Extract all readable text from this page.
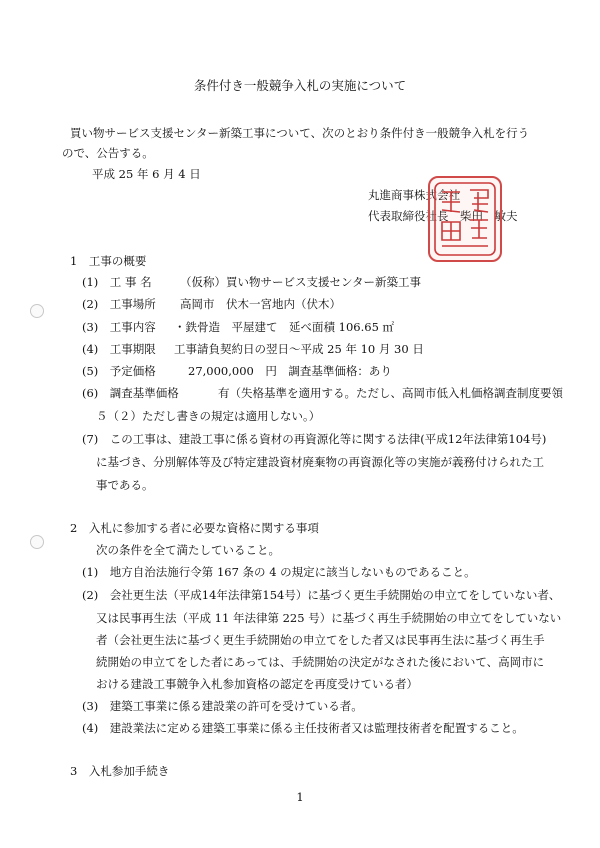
条件付き一般競争入札の実施について
買い物サービス支援センター新築工事について、次のとおり条件付き一般競争入札を行う
ので、公告する。
平成 25 年 6 月 4 日
丸進商事株式会社
代表取締役社長　柴田　敏夫
1　工事の概要
(1)　工 事 名 （仮称）買い物サービス支援センター新築工事
(2)　工事場所 高岡市　伏木一宮地内（伏木）
(3)　工事内容 ・鉄骨造　平屋建て　延べ面積 106.65 ㎡
(4)　工事期限 工事請負契約日の翌日～平成 25 年 10 月 30 日
(5)　予定価格	27,000,000　円　調査基準価格：あり
(6)　調査基準価格	有（失格基準を適用する。ただし、高岡市低入札価格調査制度要領
５（２）ただし書きの規定は適用しない。）
(7)　この工事は、建設工事に係る資材の再資源化等に関する法律(平成12年法律第104号)
に基づき、分別解体等及び特定建設資材廃棄物の再資源化等の実施が義務付けられた工
事である。
2　入札に参加する者に必要な資格に関する事項
次の条件を全て満たしていること。
(1)　地方自治法施行令第 167 条の 4 の規定に該当しないものであること。
(2)　会社更生法（平成14年法律第154号）に基づく更生手続開始の申立てをしていない者、
又は民事再生法（平成 11 年法律第 225 号）に基づく再生手続開始の申立てをしていない
者（会社更生法に基づく更生手続開始の申立てをした者又は民事再生法に基づく再生手
続開始の申立てをした者にあっては、手続開始の決定がなされた後において、高岡市に
おける建設工事競争入札参加資格の認定を再度受けている者）
(3)　建築工事業に係る建設業の許可を受けている者。
(4)　建設業法に定める建築工事業に係る主任技術者又は監理技術者を配置すること。
3　入札参加手続き
1
